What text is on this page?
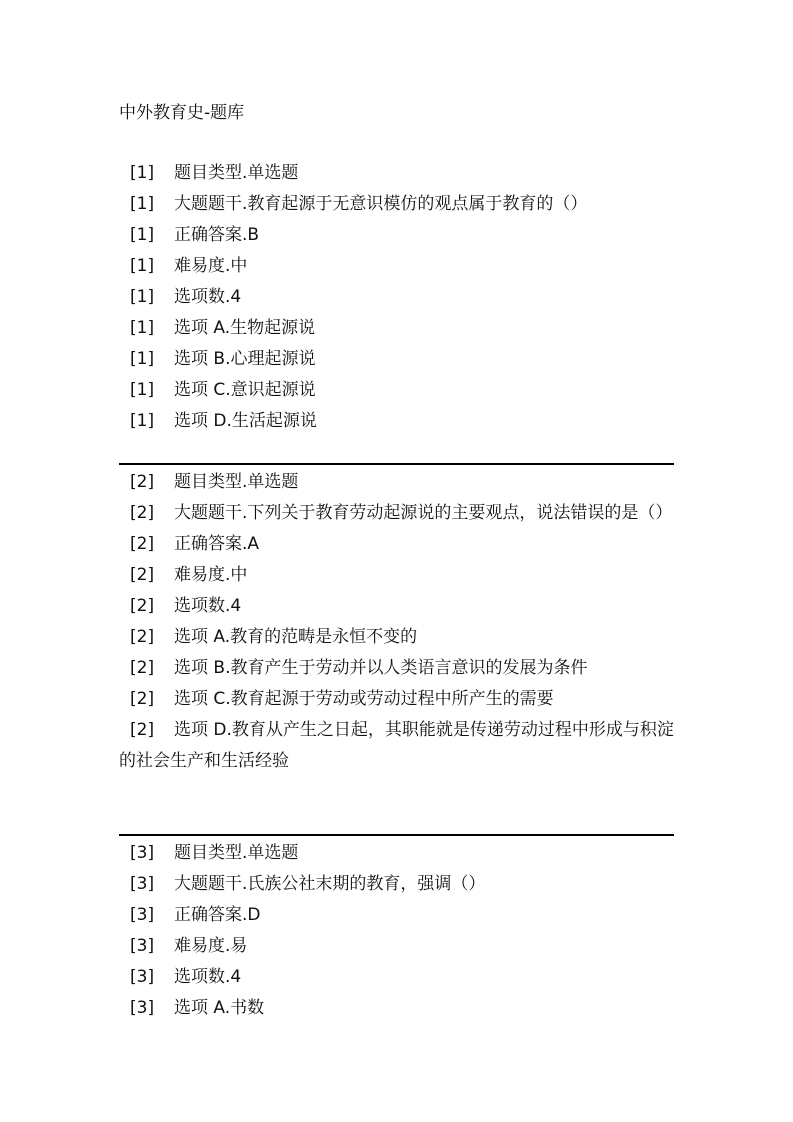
中外教育史-题库
[1] 题目类型.单选题
[1] 大题题干.教育起源于无意识模仿的观点属于教育的（）
[1] 正确答案.B
[1] 难易度.中
[1] 选项数.4
[1] 选项 A.生物起源说
[1] 选项 B.心理起源说
[1] 选项 C.意识起源说
[1] 选项 D.生活起源说
[2] 题目类型.单选题
[2] 大题题干.下列关于教育劳动起源说的主要观点，说法错误的是（）
[2] 正确答案.A
[2] 难易度.中
[2] 选项数.4
[2] 选项 A.教育的范畴是永恒不变的
[2] 选项 B.教育产生于劳动并以人类语言意识的发展为条件
[2] 选项 C.教育起源于劳动或劳动过程中所产生的需要
[2] 选项 D.教育从产生之日起，其职能就是传递劳动过程中形成与积淀的社会生产和生活经验
[3] 题目类型.单选题
[3] 大题题干.氏族公社末期的教育，强调（）
[3] 正确答案.D
[3] 难易度.易
[3] 选项数.4
[3] 选项 A.书数
